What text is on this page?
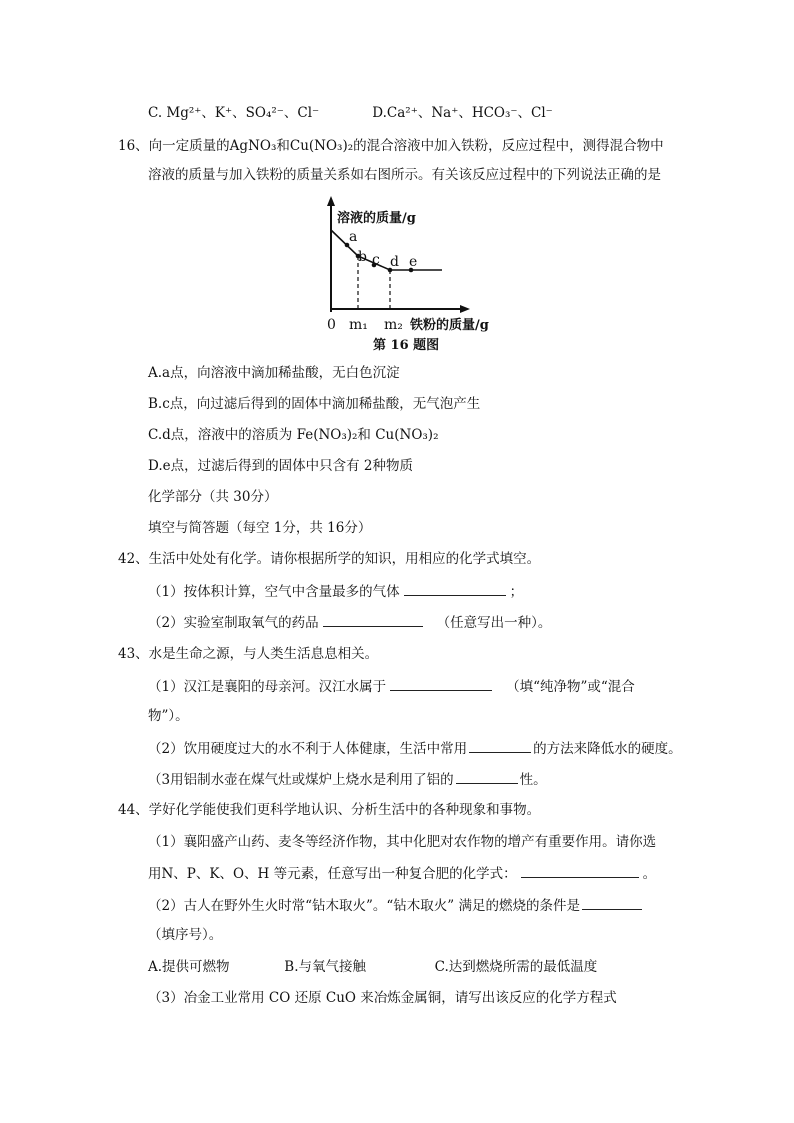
C. Mg²⁺、K⁺、SO₄²⁻、Cl⁻	D.Ca²⁺、Na⁺、HCO₃⁻、Cl⁻
16、向一定质量的AgNO₃和Cu(NO₃)₂的混合溶液中加入铁粉，反应过程中，测得混合物中
溶液的质量与加入铁粉的质量关系如右图所示。有关该反应过程中的下列说法正确的是
溶液的质量/g
a
b c d e
0 m₁ m₂ 铁粉的质量/g
第 16 题图
A.a点，向溶液中滴加稀盐酸，无白色沉淀
B.c点，向过滤后得到的固体中滴加稀盐酸，无气泡产生
C.d点，溶液中的溶质为 Fe(NO₃)₂和 Cu(NO₃)₂
D.e点，过滤后得到的固体中只含有 2种物质
化学部分（共 30分）
填空与简答题（每空 1分，共 16分）
42、生活中处处有化学。请你根据所学的知识，用相应的化学式填空。
（1）按体积计算，空气中含量最多的气体	；
（2）实验室制取氧气的药品	（任意写出一种）。
43、水是生命之源，与人类生活息息相关。
（1）汉江是襄阳的母亲河。汉江水属于	（填“纯净物”或“混合
物”）。
（2）饮用硬度过大的水不利于人体健康，生活中常用	的方法来降低水的硬度。
（3用铝制水壶在煤气灶或煤炉上烧水是利用了铝的	性。
44、学好化学能使我们更科学地认识、分析生活中的各种现象和事物。
（1）襄阳盛产山药、麦冬等经济作物，其中化肥对农作物的增产有重要作用。请你选
用N、P、K、O、H 等元素，任意写出一种复合肥的化学式：	。
（2）古人在野外生火时常“钻木取火”。“钻木取火” 满足的燃烧的条件是
（填序号）。
A.提供可燃物	B.与氧气接触	C.达到燃烧所需的最低温度
（3）冶金工业常用 CO 还原 CuO 来冶炼金属铜，请写出该反应的化学方程式
